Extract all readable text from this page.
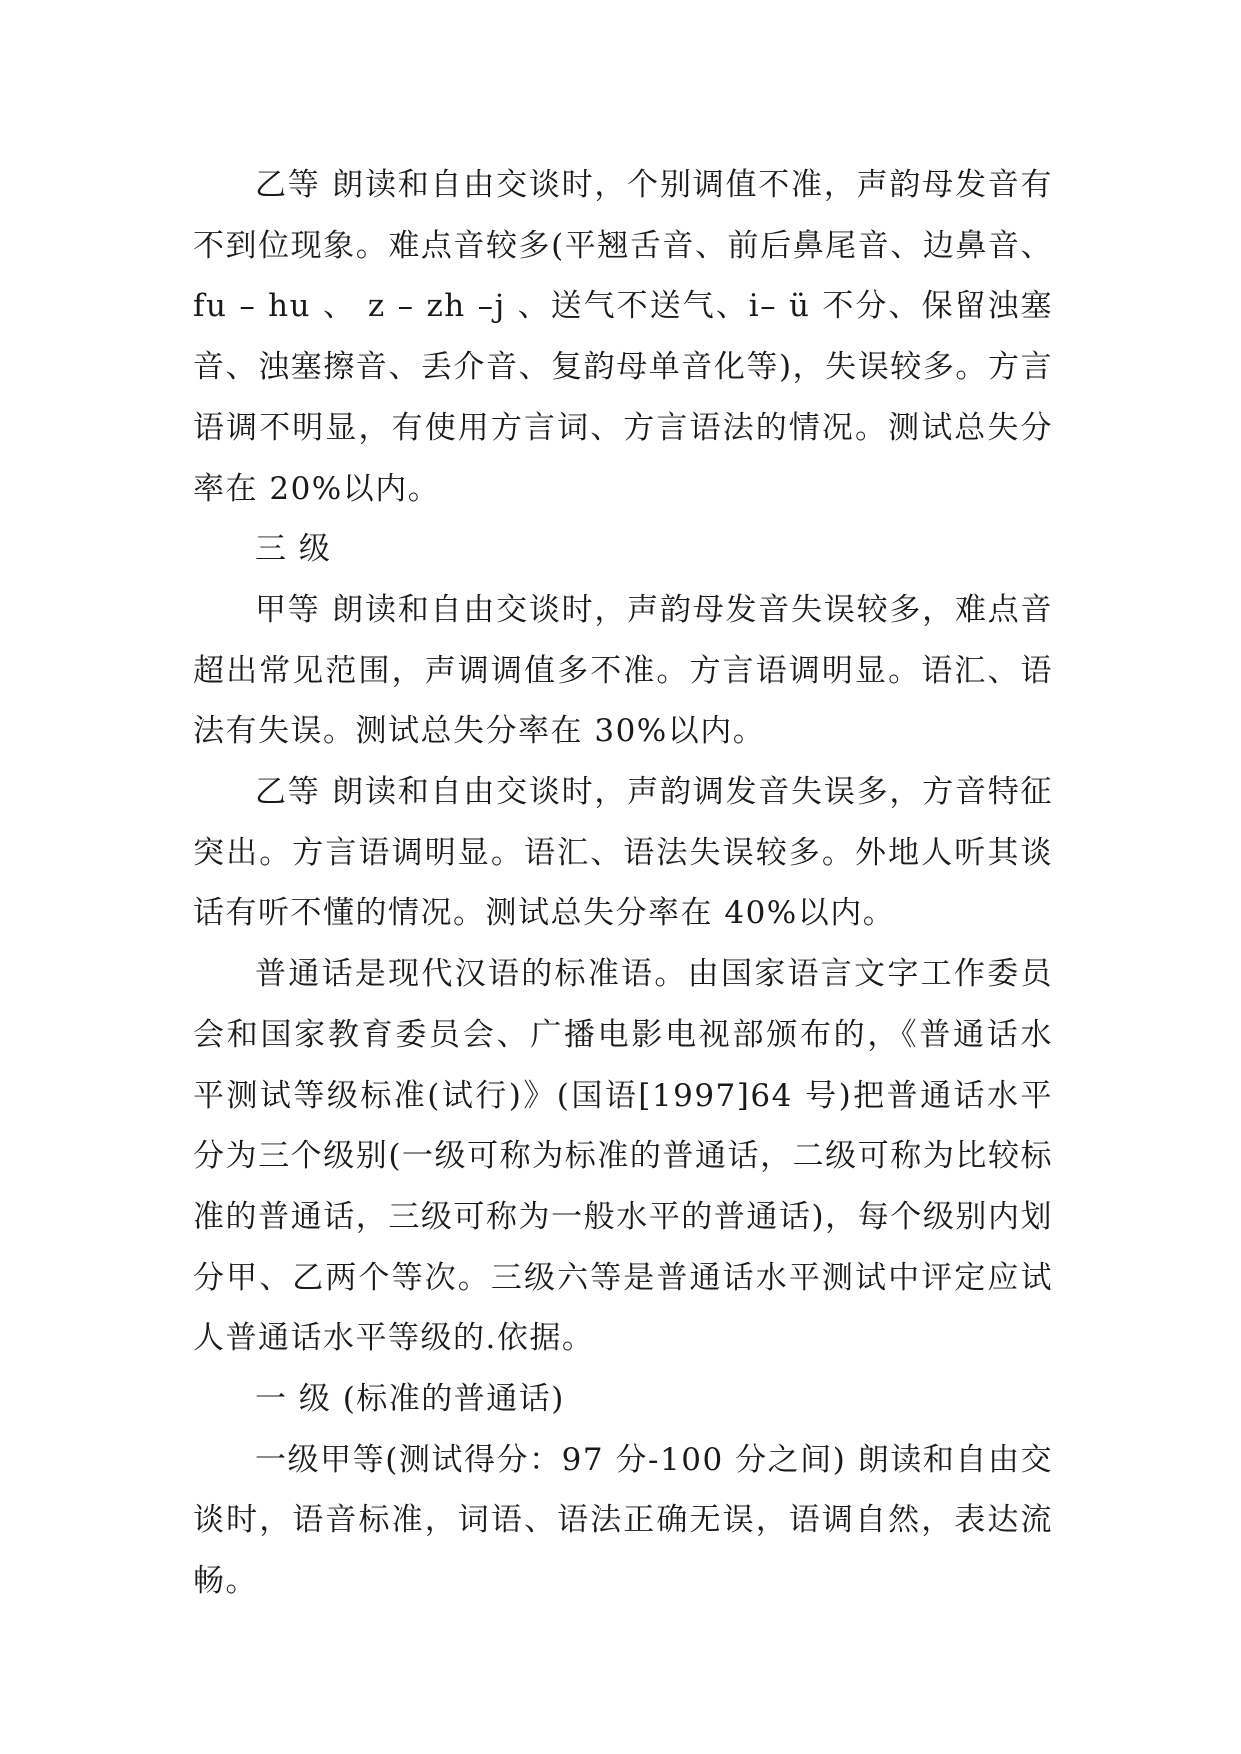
乙等 朗读和自由交谈时，个别调值不准，声韵母发音有不到位现象。难点音较多(平翘舌音、前后鼻尾音、边鼻音、fu – hu 、 z – zh –j 、送气不送气、i– ü 不分、保留浊塞音、浊塞擦音、丢介音、复韵母单音化等)，失误较多。方言语调不明显，有使用方言词、方言语法的情况。测试总失分率在 20%以内。

三 级

甲等 朗读和自由交谈时，声韵母发音失误较多，难点音超出常见范围，声调调值多不准。方言语调明显。语汇、语法有失误。测试总失分率在 30%以内。

乙等 朗读和自由交谈时，声韵调发音失误多，方音特征突出。方言语调明显。语汇、语法失误较多。外地人听其谈话有听不懂的情况。测试总失分率在 40%以内。

普通话是现代汉语的标准语。由国家语言文字工作委员会和国家教育委员会、广播电影电视部颁布的，《普通话水平测试等级标准(试行)》(国语[1997]64 号)把普通话水平分为三个级别(一级可称为标准的普通话，二级可称为比较标准的普通话，三级可称为一般水平的普通话)，每个级别内划分甲、乙两个等次。三级六等是普通话水平测试中评定应试人普通话水平等级的.依据。

一 级 (标准的普通话)

一级甲等(测试得分：97 分-100 分之间) 朗读和自由交谈时，语音标准，词语、语法正确无误，语调自然，表达流畅。
